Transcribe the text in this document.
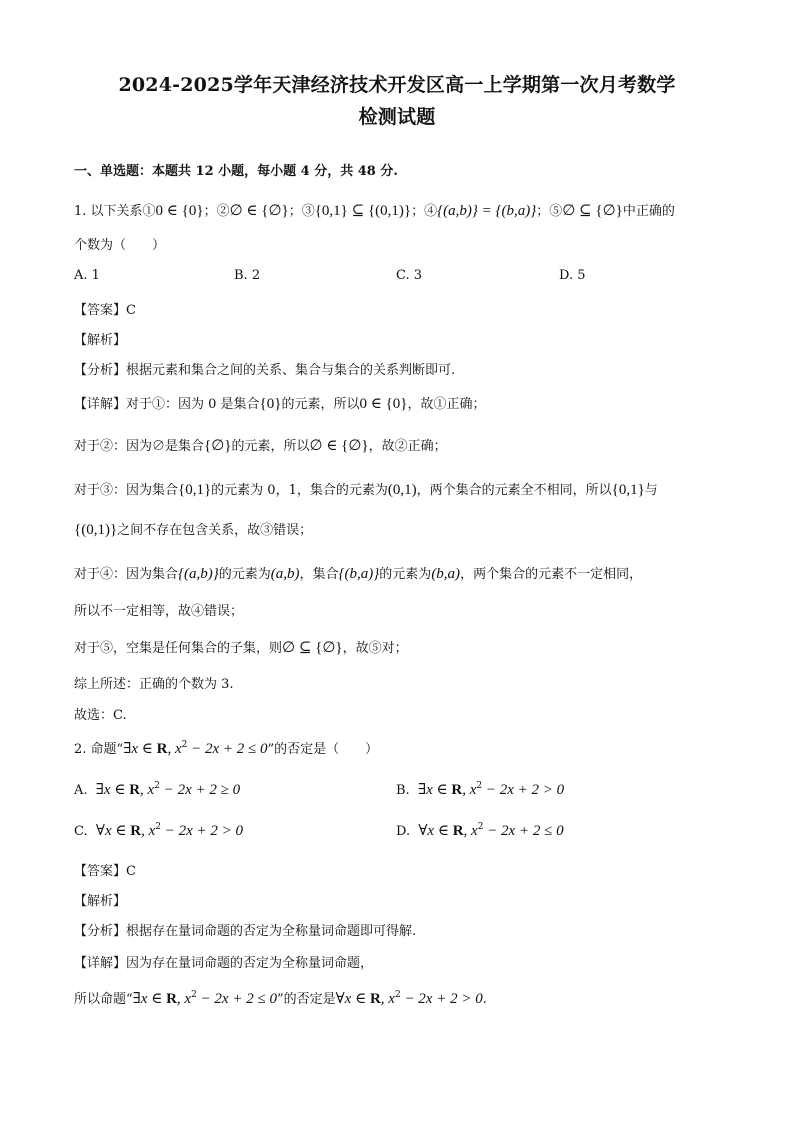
2024-2025学年天津经济技术开发区高一上学期第一次月考数学
检测试题
一、单选题：本题共 12 小题，每小题 4 分，共 48 分.
1. 以下关系①0 ∈ {0}；②∅ ∈ {∅}；③{0,1} ⊆ {(0,1)}；④{(a,b)} = {(b,a)}；⑤∅ ⊆ {∅}中正确的
个数为（　　）
A. 1	B. 2	C. 3	D. 5
【答案】C
【解析】
【分析】根据元素和集合之间的关系、集合与集合的关系判断即可.
【详解】对于①：因为 0 是集合{0}的元素，所以0 ∈ {0}，故①正确；
对于②：因为∅是集合{∅}的元素，所以∅ ∈ {∅}，故②正确；
对于③：因为集合{0,1}的元素为 0，1，集合的元素为(0,1)，两个集合的元素全不相同，所以{0,1}与
{(0,1)}之间不存在包含关系，故③错误；
对于④：因为集合{(a,b)}的元素为(a,b)，集合{(b,a)}的元素为(b,a)，两个集合的元素不一定相同，
所以不一定相等，故④错误；
对于⑤，空集是任何集合的子集，则∅ ⊆ {∅}，故⑤对；
综上所述：正确的个数为 3.
故选：C.
2. 命题“∃x ∈ R, $x^2 - 2x + 2 \le 0$”的否定是（　　）
A. ∃x ∈ R, $x^2 - 2x + 2 \ge 0$	B. ∃x ∈ R, $x^2 - 2x + 2 > 0$
C. ∀x ∈ R, $x^2 - 2x + 2 > 0$	D. ∀x ∈ R, $x^2 - 2x + 2 \le 0$
【答案】C
【解析】
【分析】根据存在量词命题的否定为全称量词命题即可得解.
【详解】因为存在量词命题的否定为全称量词命题，
所以命题“∃x ∈ R, $x^2 - 2x + 2 \le 0$”的否定是∀x ∈ R, $x^2 - 2x + 2 > 0$.
